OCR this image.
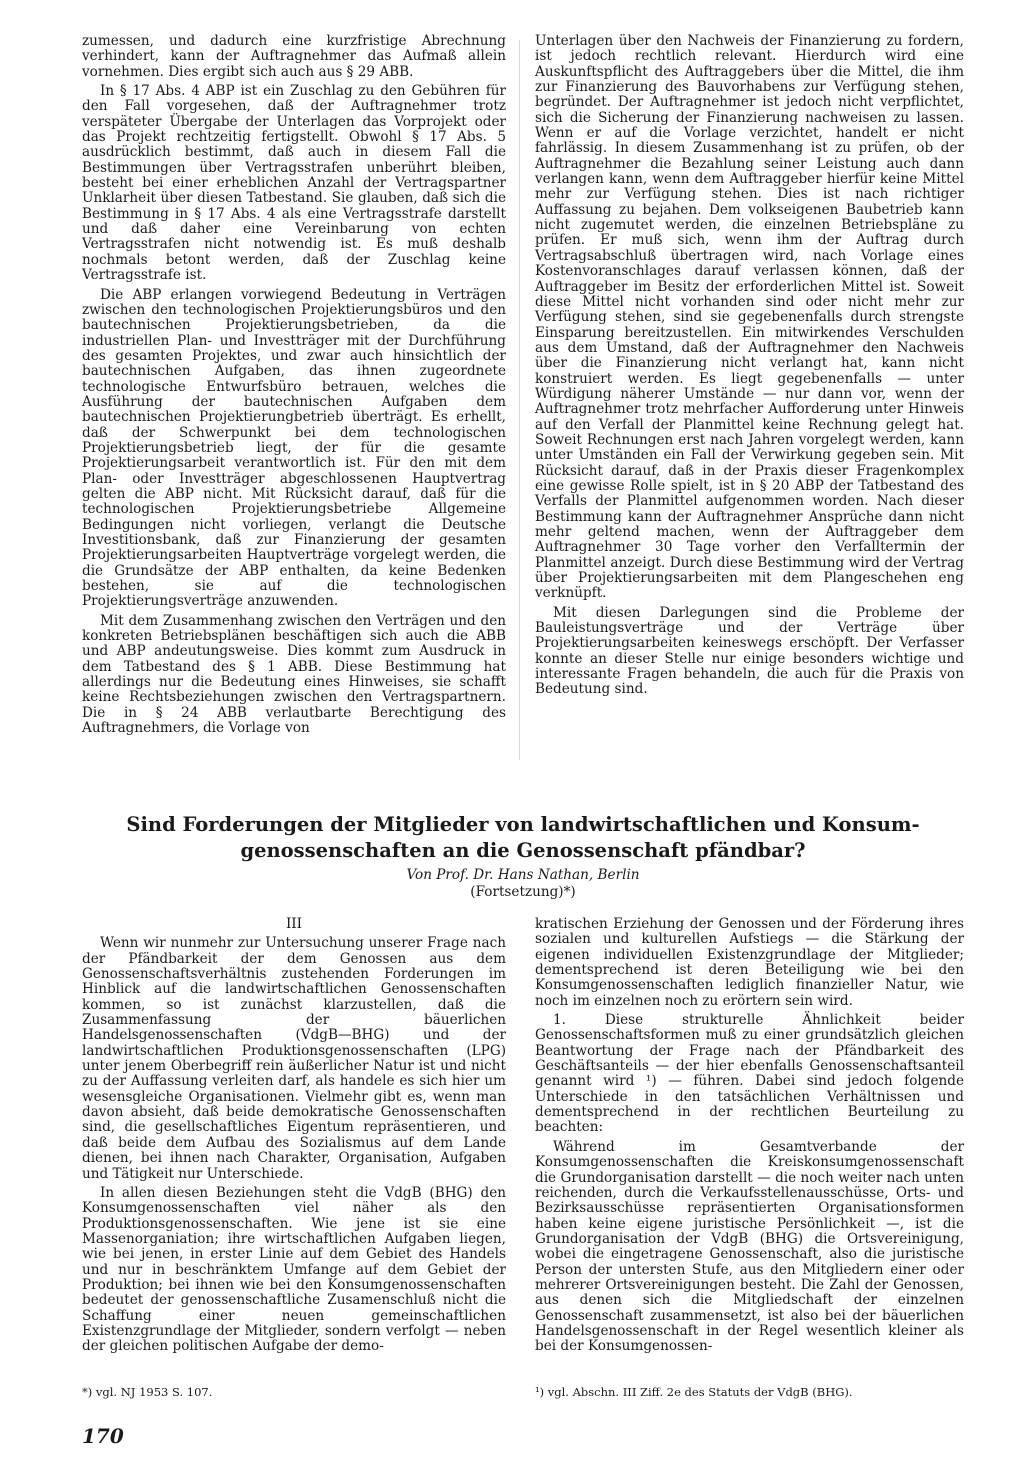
zumessen, und dadurch eine kurzfristige Abrechnung verhindert, kann der Auftragnehmer das Aufmaß allein vornehmen. Dies ergibt sich auch aus § 29 ABB.

In § 17 Abs. 4 ABP ist ein Zuschlag zu den Gebühren für den Fall vorgesehen, daß der Auftragnehmer trotz verspäteter Übergabe der Unterlagen das Vorprojekt oder das Projekt rechtzeitig fertigstellt. Obwohl § 17 Abs. 5 ausdrücklich bestimmt, daß auch in diesem Fall die Bestimmungen über Vertragsstrafen unberührt bleiben, besteht bei einer erheblichen Anzahl der Vertragspartner Unklarheit über diesen Tatbestand. Sie glauben, daß sich die Bestimmung in § 17 Abs. 4 als eine Vertragsstrafe darstellt und daß daher eine Vereinbarung von echten Vertragsstrafen nicht notwendig ist. Es muß deshalb nochmals betont werden, daß der Zuschlag keine Vertragsstrafe ist.

Die ABP erlangen vorwiegend Bedeutung in Verträgen zwischen den technologischen Projektierungsbüros und den bautechnischen Projektierungsbetrieben, da die industriellen Plan- und Investträger mit der Durchführung des gesamten Projektes, und zwar auch hinsichtlich der bautechnischen Aufgaben, das ihnen zugeordnete technologische Entwurfsbüro betrauen, welches die Ausführung der bautechnischen Aufgaben dem bautechnischen Projektierungbetrieb überträgt. Es erhellt, daß der Schwerpunkt bei dem technologischen Projektierungsbetrieb liegt, der für die gesamte Projektierungsarbeit verantwortlich ist. Für den mit dem Plan- oder Investträger abgeschlossenen Hauptvertrag gelten die ABP nicht. Mit Rücksicht darauf, daß für die technologischen Projektierungsbetriebe Allgemeine Bedingungen nicht vorliegen, verlangt die Deutsche Investitionsbank, daß zur Finanzierung der gesamten Projektierungsarbeiten Hauptverträge vorgelegt werden, die die Grundsätze der ABP enthalten, da keine Bedenken bestehen, sie auf die technologischen Projektierungsverträge anzuwenden.

Mit dem Zusammenhang zwischen den Verträgen und den konkreten Betriebsplänen beschäftigen sich auch die ABB und ABP andeutungsweise. Dies kommt zum Ausdruck in dem Tatbestand des § 1 ABB. Diese Bestimmung hat allerdings nur die Bedeutung eines Hinweises, sie schafft keine Rechtsbeziehungen zwischen den Vertragspartnern. Die in § 24 ABB verlautbarte Berechtigung des Auftragnehmers, die Vorlage von

Unterlagen über den Nachweis der Finanzierung zu fordern, ist jedoch rechtlich relevant. Hierdurch wird eine Auskunftspflicht des Auftraggebers über die Mittel, die ihm zur Finanzierung des Bauvorhabens zur Verfügung stehen, begründet. Der Auftragnehmer ist jedoch nicht verpflichtet, sich die Sicherung der Finanzierung nachweisen zu lassen. Wenn er auf die Vorlage verzichtet, handelt er nicht fahrlässig. In diesem Zusammenhang ist zu prüfen, ob der Auftragnehmer die Bezahlung seiner Leistung auch dann verlangen kann, wenn dem Auftraggeber hierfür keine Mittel mehr zur Verfügung stehen. Dies ist nach richtiger Auffassung zu bejahen. Dem volkseigenen Baubetrieb kann nicht zugemutet werden, die einzelnen Betriebspläne zu prüfen. Er muß sich, wenn ihm der Auftrag durch Vertragsabschluß übertragen wird, nach Vorlage eines Kostenvoranschlages darauf verlassen können, daß der Auftraggeber im Besitz der erforderlichen Mittel ist. Soweit diese Mittel nicht vorhanden sind oder nicht mehr zur Verfügung stehen, sind sie gegebenenfalls durch strengste Einsparung bereitzustellen. Ein mitwirkendes Verschulden aus dem Umstand, daß der Auftragnehmer den Nachweis über die Finanzierung nicht verlangt hat, kann nicht konstruiert werden. Es liegt gegebenenfalls — unter Würdigung näherer Umstände — nur dann vor, wenn der Auftragnehmer trotz mehrfacher Aufforderung unter Hinweis auf den Verfall der Planmittel keine Rechnung gelegt hat. Soweit Rechnungen erst nach Jahren vorgelegt werden, kann unter Umständen ein Fall der Verwirkung gegeben sein. Mit Rücksicht darauf, daß in der Praxis dieser Fragenkomplex eine gewisse Rolle spielt, ist in § 20 ABP der Tatbestand des Verfalls der Planmittel aufgenommen worden. Nach dieser Bestimmung kann der Auftragnehmer Ansprüche dann nicht mehr geltend machen, wenn der Auftraggeber dem Auftragnehmer 30 Tage vorher den Verfalltermin der Planmittel anzeigt. Durch diese Bestimmung wird der Vertrag über Projektierungsarbeiten mit dem Plangeschehen eng verknüpft.

Mit diesen Darlegungen sind die Probleme der Bauleistungsverträge und der Verträge über Projektierungsarbeiten keineswegs erschöpft. Der Verfasser konnte an dieser Stelle nur einige besonders wichtige und interessante Fragen behandeln, die auch für die Praxis von Bedeutung sind.

Sind Forderungen der Mitglieder von landwirtschaftlichen und Konsum-
genossenschaften an die Genossenschaft pfändbar?
Von Prof. Dr. Hans Nathan, Berlin
(Fortsetzung)*)

III

Wenn wir nunmehr zur Untersuchung unserer Frage nach der Pfändbarkeit der dem Genossen aus dem Genossenschaftsverhältnis zustehenden Forderungen im Hinblick auf die landwirtschaftlichen Genossenschaften kommen, so ist zunächst klarzustellen, daß die Zusammenfassung der bäuerlichen Handelsgenossenschaften (VdgB—BHG) und der landwirtschaftlichen Produktionsgenossenschaften (LPG) unter jenem Oberbegriff rein äußerlicher Natur ist und nicht zu der Auffassung verleiten darf, als handele es sich hier um wesensgleiche Organisationen. Vielmehr gibt es, wenn man davon absieht, daß beide demokratische Genossenschaften sind, die gesellschaftliches Eigentum repräsentieren, und daß beide dem Aufbau des Sozialismus auf dem Lande dienen, bei ihnen nach Charakter, Organisation, Aufgaben und Tätigkeit nur Unterschiede.

In allen diesen Beziehungen steht die VdgB (BHG) den Konsumgenossenschaften viel näher als den Produktionsgenossenschaften. Wie jene ist sie eine Massenorganiation; ihre wirtschaftlichen Aufgaben liegen, wie bei jenen, in erster Linie auf dem Gebiet des Handels und nur in beschränktem Umfange auf dem Gebiet der Produktion; bei ihnen wie bei den Konsumgenossenschaften bedeutet der genossenschaftliche Zusamenschluß nicht die Schaffung einer neuen gemeinschaftlichen Existenzgrundlage der Mitglieder, sondern verfolgt — neben der gleichen politischen Aufgabe der demo-

kratischen Erziehung der Genossen und der Förderung ihres sozialen und kulturellen Aufstiegs — die Stärkung der eigenen individuellen Existenzgrundlage der Mitglieder; dementsprechend ist deren Beteiligung wie bei den Konsumgenossenschaften lediglich finanzieller Natur, wie noch im einzelnen noch zu erörtern sein wird.

1. Diese strukturelle Ähnlichkeit beider Genossenschaftsformen muß zu einer grundsätzlich gleichen Beantwortung der Frage nach der Pfändbarkeit des Geschäftsanteils — der hier ebenfalls Genossenschaftsanteil genannt wird ¹) — führen. Dabei sind jedoch folgende Unterschiede in den tatsächlichen Verhältnissen und dementsprechend in der rechtlichen Beurteilung zu beachten:

Während im Gesamtverbande der Konsumgenossenschaften die Kreiskonsumgenossenschaft die Grundorganisation darstellt — die noch weiter nach unten reichenden, durch die Verkaufsstellenausschüsse, Orts- und Bezirksausschüsse repräsentierten Organisationsformen haben keine eigene juristische Persönlichkeit —, ist die Grundorganisation der VdgB (BHG) die Ortsvereinigung, wobei die eingetragene Genossenschaft, also die juristische Person der untersten Stufe, aus den Mitgliedern einer oder mehrerer Ortsvereinigungen besteht. Die Zahl der Genossen, aus denen sich die Mitgliedschaft der einzelnen Genossenschaft zusammensetzt, ist also bei der bäuerlichen Handelsgenossenschaft in der Regel wesentlich kleiner als bei der Konsumgenossen-

*) vgl. NJ 1953 S. 107.	¹) vgl. Abschn. III Ziff. 2e des Statuts der VdgB (BHG).
170
